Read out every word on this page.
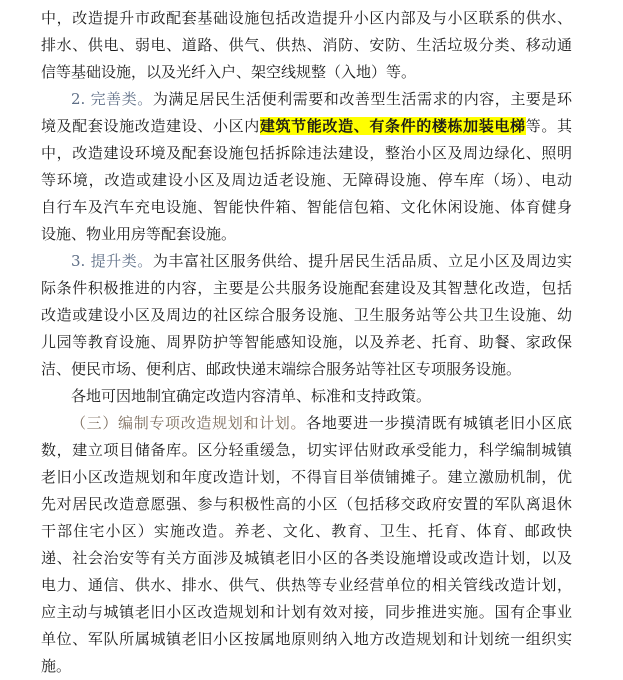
中，改造提升市政配套基础设施包括改造提升小区内部及与小区联系的供水、
排水、供电、弱电、道路、供气、供热、消防、安防、生活垃圾分类、移动通
信等基础设施，以及光纤入户、架空线规整（入地）等。
2. 完善类。为满足居民生活便利需要和改善型生活需求的内容，主要是环
境及配套设施改造建设、小区内建筑节能改造、有条件的楼栋加装电梯等。其
中，改造建设环境及配套设施包括拆除违法建设，整治小区及周边绿化、照明
等环境，改造或建设小区及周边适老设施、无障碍设施、停车库（场）、电动
自行车及汽车充电设施、智能快件箱、智能信包箱、文化休闲设施、体育健身
设施、物业用房等配套设施。
3. 提升类。为丰富社区服务供给、提升居民生活品质、立足小区及周边实
际条件积极推进的内容，主要是公共服务设施配套建设及其智慧化改造，包括
改造或建设小区及周边的社区综合服务设施、卫生服务站等公共卫生设施、幼
儿园等教育设施、周界防护等智能感知设施，以及养老、托育、助餐、家政保
洁、便民市场、便利店、邮政快递末端综合服务站等社区专项服务设施。
各地可因地制宜确定改造内容清单、标准和支持政策。
（三）编制专项改造规划和计划。各地要进一步摸清既有城镇老旧小区底
数，建立项目储备库。区分轻重缓急，切实评估财政承受能力，科学编制城镇
老旧小区改造规划和年度改造计划，不得盲目举债铺摊子。建立激励机制，优
先对居民改造意愿强、参与积极性高的小区（包括移交政府安置的军队离退休
干部住宅小区）实施改造。养老、文化、教育、卫生、托育、体育、邮政快
递、社会治安等有关方面涉及城镇老旧小区的各类设施增设或改造计划，以及
电力、通信、供水、排水、供气、供热等专业经营单位的相关管线改造计划，
应主动与城镇老旧小区改造规划和计划有效对接，同步推进实施。国有企事业
单位、军队所属城镇老旧小区按属地原则纳入地方改造规划和计划统一组织实
施。
